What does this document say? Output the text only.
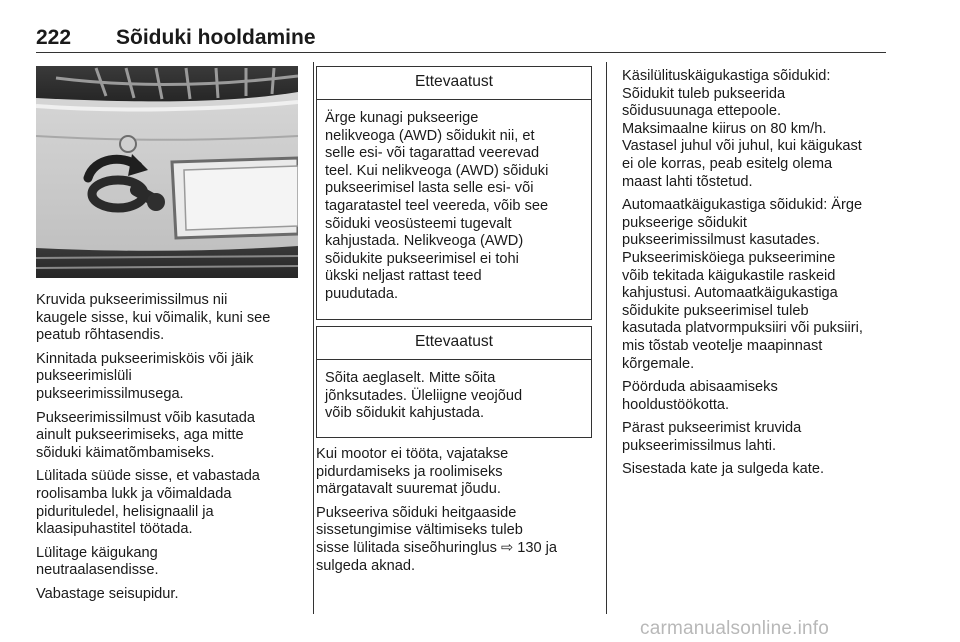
222 Sõiduki hooldamine

Kruvida pukseerimissilmus nii
kaugele sisse, kui võimalik, kuni see
peatub rõhtasendis.

Kinnitada pukseerimisköis või jäik
pukseerimislüli
pukseerimissilmusega.

Pukseerimissilmust võib kasutada
ainult pukseerimiseks, aga mitte
sõiduki käimatõmbamiseks.

Lülitada süüde sisse, et vabastada
roolisamba lukk ja võimaldada
pidurituledel, helisignaalil ja
klaasipuhastitel töötada.

Lülitage käigukang
neutraalasendisse.

Vabastage seisupidur.

Ettevaatust
Ärge kunagi pukseerige
nelikveoga (AWD) sõidukit nii, et
selle esi- või tagarattad veerevad
teel. Kui nelikveoga (AWD) sõiduki
pukseerimisel lasta selle esi- või
tagaratastel teel veereda, võib see
sõiduki veosüsteemi tugevalt
kahjustada. Nelikveoga (AWD)
sõidukite pukseerimisel ei tohi
ükski neljast rattast teed
puudutada.
Ettevaatust
Sõita aeglaselt. Mitte sõita
jõnksutades. Üleliigne veojõud
võib sõidukit kahjustada.

Kui mootor ei tööta, vajatakse
pidurdamiseks ja roolimiseks
märgatavalt suuremat jõudu.

Pukseeriva sõiduki heitgaaside
sissetungimise vältimiseks tuleb
sisse lülitada siseõhuringlus ⇨ 130 ja
sulgeda aknad.

Käsilülituskäigukastiga sõidukid:
Sõidukit tuleb pukseerida
sõidusuunaga ettepoole.
Maksimaalne kiirus on 80 km/h.
Vastasel juhul või juhul, kui käigukast
ei ole korras, peab esitelg olema
maast lahti tõstetud.

Automaatkäigukastiga sõidukid: Ärge
pukseerige sõidukit
pukseerimissilmust kasutades.
Pukseerimisköiega pukseerimine
võib tekitada käigukastile raskeid
kahjustusi. Automaatkäigukastiga
sõidukite pukseerimisel tuleb
kasutada platvormpuksiiri või puksiiri,
mis tõstab veotelje maapinnast
kõrgemale.

Pöörduda abisaamiseks
hooldustöökotta.

Pärast pukseerimist kruvida
pukseerimissilmus lahti.

Sisestada kate ja sulgeda kate.

carmanualsonline.info
